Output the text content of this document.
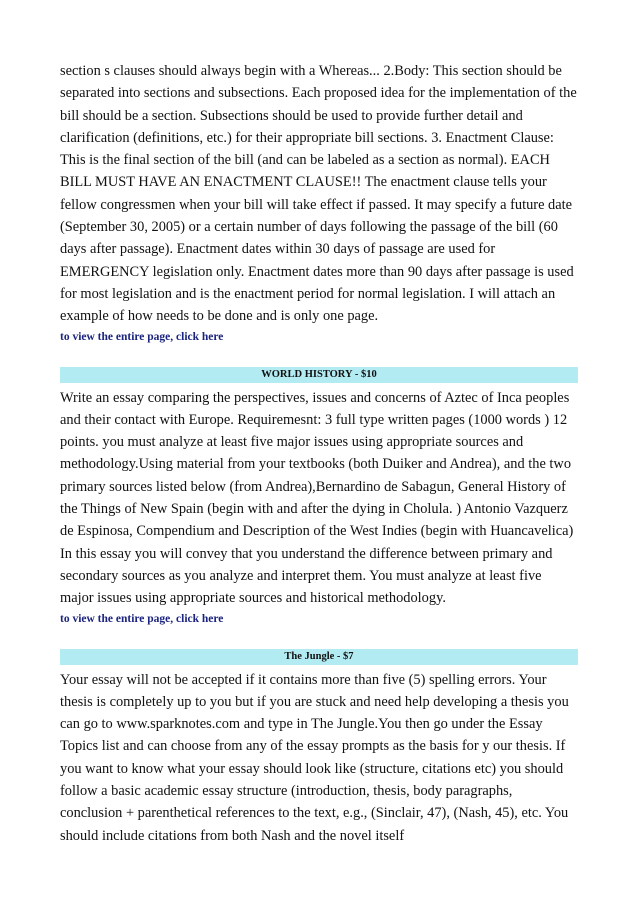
section s clauses should always begin with a Whereas... 2.Body: This section should be separated into sections and subsections. Each proposed idea for the implementation of the bill should be a section. Subsections should be used to provide further detail and clarification (definitions, etc.) for their appropriate bill sections. 3. Enactment Clause: This is the final section of the bill (and can be labeled as a section as normal). EACH BILL MUST HAVE AN ENACTMENT CLAUSE!! The enactment clause tells your fellow congressmen when your bill will take effect if passed. It may specify a future date (September 30, 2005) or a certain number of days following the passage of the bill (60 days after passage). Enactment dates within 30 days of passage are used for EMERGENCY legislation only. Enactment dates more than 90 days after passage is used for most legislation and is the enactment period for normal legislation. I will attach an example of how needs to be done and is only one page.

to view the entire page, click here
WORLD HISTORY - $10

Write an essay comparing the perspectives, issues and concerns of Aztec of Inca peoples and their contact with Europe. Requiremesnt: 3 full type written pages (1000 words ) 12 points. you must analyze at least five major issues using appropriate sources and methodology.Using material from your textbooks (both Duiker and Andrea), and the two primary sources listed below (from Andrea),Bernardino de Sabagun, General History of the Things of New Spain (begin with and after the dying in Cholula. ) Antonio Vazquerz de Espinosa, Compendium and Description of the West Indies (begin with Huancavelica) In this essay you will convey that you understand the difference between primary and secondary sources as you analyze and interpret them. You must analyze at least five major issues using appropriate sources and historical methodology.

to view the entire page, click here
The Jungle - $7

Your essay will not be accepted if it contains more than five (5) spelling errors. Your thesis is completely up to you but if you are stuck and need help developing a thesis you can go to www.sparknotes.com and type in The Jungle.You then go under the Essay Topics list and can choose from any of the essay prompts as the basis for y our thesis. If you want to know what your essay should look like (structure, citations etc) you should follow a basic academic essay structure (introduction, thesis, body paragraphs, conclusion + parenthetical references to the text, e.g., (Sinclair, 47), (Nash, 45), etc. You should include citations from both Nash and the novel itself
